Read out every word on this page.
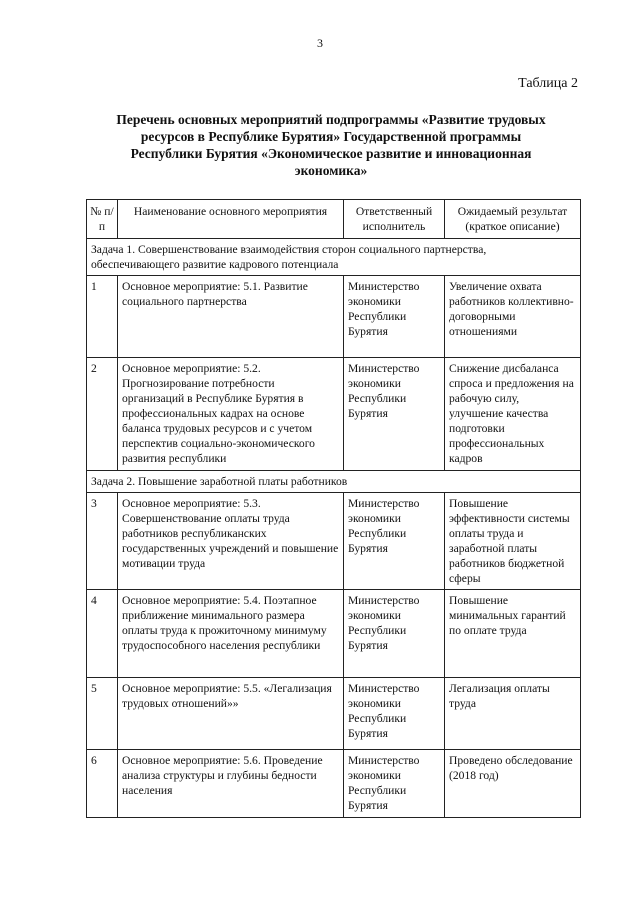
3
Таблица 2
Перечень основных мероприятий подпрограммы «Развитие трудовых ресурсов в Республике Бурятия» Государственной программы Республики Бурятия «Экономическое развитие и инновационная экономика»
№ п/п	Наименование основного мероприятия	Ответственный исполнитель	Ожидаемый результат (краткое описание)
Задача 1. Совершенствование взаимодействия сторон социального партнерства, обеспечивающего развитие кадрового потенциала			
1	Основное мероприятие: 5.1. Развитие социального партнерства	Министерство экономики Республики Бурятия	Увеличение охвата работников коллективно-договорными отношениями
2	Основное мероприятие: 5.2. Прогнозирование потребности организаций в Республике Бурятия в профессиональных кадрах на основе баланса трудовых ресурсов и с учетом перспектив социально-экономического развития республики	Министерство экономики Республики Бурятия	Снижение дисбаланса спроса и предложения на рабочую силу, улучшение качества подготовки профессиональных кадров
Задача 2. Повышение заработной платы работников			
3	Основное мероприятие: 5.3. Совершенствование оплаты труда работников республиканских государственных учреждений и повышение мотивации труда	Министерство экономики Республики Бурятия	Повышение эффективности системы оплаты труда и заработной платы работников бюджетной сферы
4	Основное мероприятие: 5.4. Поэтапное приближение минимального размера оплаты труда к прожиточному минимуму трудоспособного населения республики	Министерство экономики Республики Бурятия	Повышение минимальных гарантий по оплате труда
5	Основное мероприятие: 5.5. «Легализация трудовых отношений»»	Министерство экономики Республики Бурятия	Легализация оплаты труда
6	Основное мероприятие: 5.6. Проведение анализа структуры и глубины бедности населения	Министерство экономики Республики Бурятия	Проведено обследование (2018 год)
